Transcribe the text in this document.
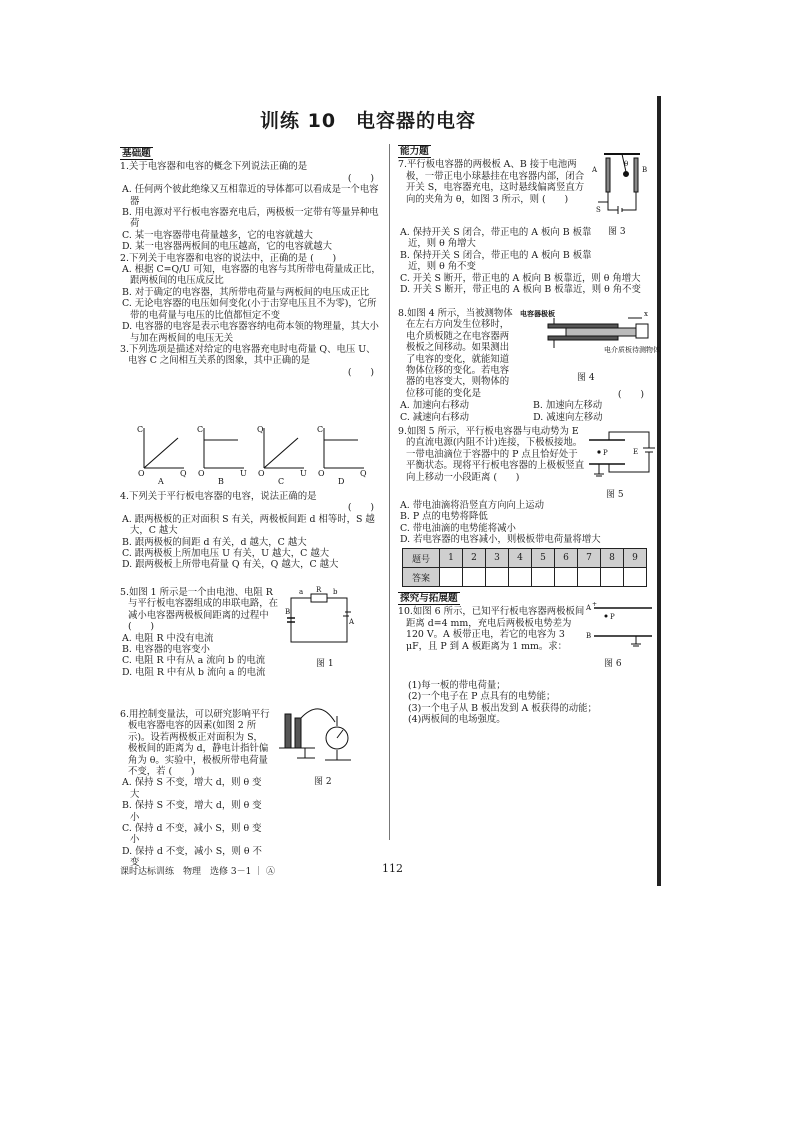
训练 10　电容器的电容

基础题

1.关于电容器和电容的概念下列说法正确的是

(　　)

A. 任何两个彼此绝缘又互相靠近的导体都可以看成是一个电容器

B. 用电源对平行板电容器充电后，两极板一定带有等量异种电荷

C. 某一电容器带电荷量越多，它的电容就越大

D. 某一电容器两板间的电压越高，它的电容就越大

2.下列关于电容器和电容的说法中，正确的是 (　　)

A. 根据 C=Q/U 可知，电容器的电容与其所带电荷量成正比，跟两板间的电压成反比

B. 对于确定的电容器，其所带电荷量与两板间的电压成正比

C. 无论电容器的电压如何变化(小于击穿电压且不为零)，它所带的电荷量与电压的比值都恒定不变

D. 电容器的电容是表示电容器容纳电荷本领的物理量，其大小与加在两板间的电压无关

3.下列选项是描述对给定的电容器充电时电荷量 Q、电压 U、电容 C 之间相互关系的图象，其中正确的是

(　　)

C
Q
O
A
C
U
O
B
Q
U
O
C
C
Q
O
D

4.下列关于平行板电容器的电容，说法正确的是

(　　)

A. 跟两极板的正对面积 S 有关，两极板间距 d 相等时，S 越大，C 越大

B. 跟两极板的间距 d 有关，d 越大，C 越大

C. 跟两极板上所加电压 U 有关，U 越大，C 越大

D. 跟两极板上所带电荷量 Q 有关，Q 越大，C 越大

5.如图 1 所示是一个由电池、电阻 R 与平行板电容器组成的串联电路，在减小电容器两极板间距离的过程中 (　　)

A. 电阻 R 中没有电流

B. 电容器的电容变小

C. 电阻 R 中有从 a 流向 b 的电流

D. 电阻 R 中有从 b 流向 a 的电流

R
a	b
B
A
图 1

6.用控制变量法，可以研究影响平行板电容器电容的因素(如图 2 所示)。设若两极板正对面积为 S，极板间的距离为 d，静电计指针偏角为 θ。实验中，极板所带电荷量不变，若 (　　)

A. 保持 S 不变，增大 d，则 θ 变大

B. 保持 S 不变，增大 d，则 θ 变小

C. 保持 d 不变，减小 S，则 θ 变小

D. 保持 d 不变，减小 S，则 θ 不变

图 2

能力题

7.平行板电容器的两极板 A、B 接于电池两极，一带正电小球悬挂在电容器内部，闭合开关 S，电容器充电，这时悬线偏离竖直方向的夹角为 θ，如图 3 所示，则 (　　)

A. 保持开关 S 闭合，带正电的 A 板向 B 板靠近，则 θ 角增大

B. 保持开关 S 闭合，带正电的 A 板向 B 板靠近，则 θ 角不变

C. 开关 S 断开，带正电的 A 板向 B 板靠近，则 θ 角增大

D. 开关 S 断开，带正电的 A 板向 B 板靠近，则 θ 角不变

A	B
S
θ
图 3

8.如图 4 所示，当被测物体在左右方向发生位移时，电介质板随之在电容器两极板之间移动。如果测出了电容的变化，就能知道物体位移的变化。若电容器的电容变大，则物体的位移可能的变化是	(　　)

A. 加速向右移动	B. 加速向左移动

C. 减速向右移动	D. 减速向左移动

电容器极板	x
电介质板 待测物体
图 4

9.如图 5 所示，平行板电容器与电动势为 E 的直流电源(内阻不计)连接，下极板接地。一带电油滴位于容器中的 P 点且恰好处于平衡状态。现将平行板电容器的上极板竖直向上移动一小段距离 (　　)

A. 带电油滴将沿竖直方向向上运动

B. P 点的电势将降低

C. 带电油滴的电势能将减小

D. 若电容器的电容减小，则极板带电荷量将增大

P	E
图 5
题号	1	2	3	4	5	6	7	8	9
答案									

探究与拓展题

10.如图 6 所示，已知平行板电容器两极板间距离 d=4 mm，充电后两极板电势差为 120 V。A 板带正电，若它的电容为 3 μF，且 P 到 A 板距离为 1 mm。求：

(1)每一板的带电荷量；

(2)一个电子在 P 点具有的电势能；

(3)一个电子从 B 板出发到 A 板获得的动能；

(4)两板间的电场强度。

A +
P
B
图 6
课时达标训练　物理　选修 3－1 ｜ Ⓐ	112
